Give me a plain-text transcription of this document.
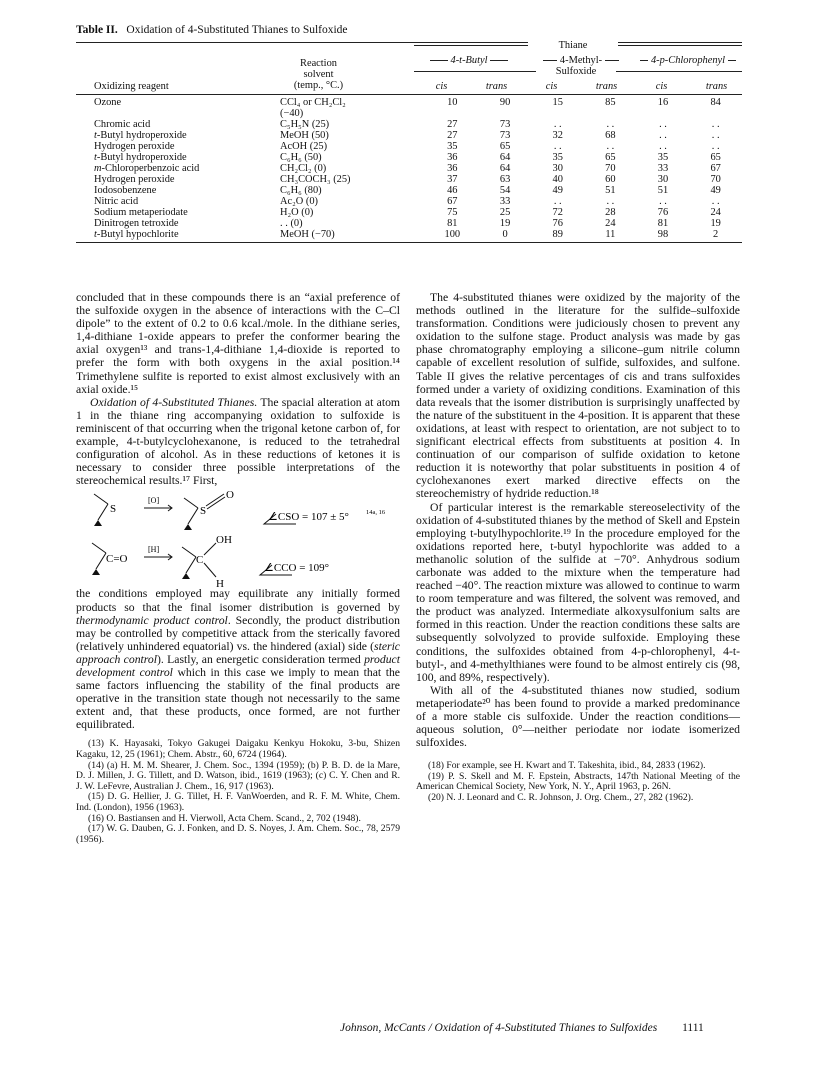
Table II. Oxidation of 4-Substituted Thianes to Sulfoxide
Thiane
4-t-Butyl	4-Methyl-	4-p-Chlorophenyl
Sulfoxide
Reaction
solvent
(temp., °C.)
Oxidizing reagent	cis	trans	cis	trans	cis	trans
Ozone	CCl₄ or CH₂Cl₂	10	90	15	85	16	84
	(−40)						
Chromic acid	C₅H₅N (25)	27	73	. .	. .	. .	. .
t-Butyl hydroperoxide	MeOH (50)	27	73	32	68	. .	. .
Hydrogen peroxide	AcOH (25)	35	65	. .	. .	. .	. .
t-Butyl hydroperoxide	C₆H₆ (50)	36	64	35	65	35	65
m-Chloroperbenzoic acid	CH₂Cl₂ (0)	36	64	30	70	33	67
Hydrogen peroxide	CH₃COCH₃ (25)	37	63	40	60	30	70
Iodosobenzene	C₆H₆ (80)	46	54	49	51	51	49
Nitric acid	Ac₂O (0)	67	33	. .	. .	. .	. .
Sodium metaperiodate	H₂O (0)	75	25	72	28	76	24
Dinitrogen tetroxide	. . (0)	81	19	76	24	81	19
t-Butyl hypochlorite	MeOH (−70)	100	0	89	11	98	2

concluded that in these compounds there is an “axial preference of the sulfoxide oxygen in the absence of interactions with the C–Cl dipole” to the extent of 0.2 to 0.6 kcal./mole. In the dithiane series, 1,4-dithiane 1-oxide appears to prefer the conformer bearing the axial oxygen¹³ and trans-1,4-dithiane 1,4-dioxide is reported to prefer the form with both oxygens in the axial position.¹⁴ Trimethylene sulfite is reported to exist almost exclusively with an axial oxide.¹⁵

Oxidation of 4-Substituted Thianes. The spacial alteration at atom 1 in the thiane ring accompanying oxidation to sulfoxide is reminiscent of that occurring when the trigonal ketone carbon of, for example, 4-t-butylcyclohexanone, is reduced to the tetrahedral configuration of alcohol. As in these reductions of ketones it is necessary to consider three possible interpretations of the stereochemical results.¹⁷ First,

S	S
O
[O]
∠CSO = 107 ± 5°	14a, 16
C=O	C
OH
H
[H]
∠CCO = 109°

the conditions employed may equilibrate any initially formed products so that the final isomer distribution is governed by thermodynamic product control. Secondly, the product distribution may be controlled by competitive attack from the sterically favored (relatively unhindered equatorial) vs. the hindered (axial) side (steric approach control). Lastly, an energetic consideration termed product development control which in this case we imply to mean that the same factors influencing the stability of the final products are operative in the transition state though not necessarily to the same extent and, that these products, once formed, are not further equilibrated.

(13) K. Hayasaki, Tokyo Gakugei Daigaku Kenkyu Hokoku, 3-bu, Shizen Kagaku, 12, 25 (1961); Chem. Abstr., 60, 6724 (1964).

(14) (a) H. M. M. Shearer, J. Chem. Soc., 1394 (1959); (b) P. B. D. de la Mare, D. J. Millen, J. G. Tillett, and D. Watson, ibid., 1619 (1963); (c) C. Y. Chen and R. J. W. LeFevre, Australian J. Chem., 16, 917 (1963).

(15) D. G. Hellier, J. G. Tillet, H. F. VanWoerden, and R. F. M. White, Chem. Ind. (London), 1956 (1963).

(16) O. Bastiansen and H. Vierwoll, Acta Chem. Scand., 2, 702 (1948).

(17) W. G. Dauben, G. J. Fonken, and D. S. Noyes, J. Am. Chem. Soc., 78, 2579 (1956).

The 4-substituted thianes were oxidized by the majority of the methods outlined in the literature for the sulfide–sulfoxide transformation. Conditions were judiciously chosen to prevent any oxidation to the sulfone stage. Product analysis was made by gas phase chromatography employing a silicone–gum nitrile column capable of excellent resolution of sulfide, sulfoxides, and sulfone. Table II gives the relative percentages of cis and trans sulfoxides formed under a variety of oxidizing conditions. Examination of this data reveals that the isomer distribution is surprisingly unaffected by the nature of the substituent in the 4-position. It is apparent that these oxidations, at least with respect to orientation, are not subject to to significant electrical effects from substituents at position 4. In continuation of our comparison of sulfide oxidation to ketone reduction it is noteworthy that polar substituents in position 4 of cyclohexanones exert marked directive effects on the stereochemistry of hydride reduction.¹⁸

Of particular interest is the remarkable stereoselectivity of the oxidation of 4-substituted thianes by the method of Skell and Epstein employing t-butylhypochlorite.¹⁹ In the procedure employed for the oxidations reported here, t-butyl hypochlorite was added to a methanolic solution of the sulfide at −70°. Anhydrous sodium carbonate was added to the mixture when the temperature had reached −40°. The reaction mixture was allowed to continue to warm to room temperature and was filtered, the solvent was removed, and the product was analyzed. Intermediate alkoxysulfonium salts are formed in this reaction. Under the reaction conditions these salts are subsequently solvolyzed to provide sulfoxide. Employing these conditions, the sulfoxides obtained from 4-p-chlorophenyl, 4-t-butyl-, and 4-methylthianes were found to be almost entirely cis (98, 100, and 89%, respectively).

With all of the 4-substituted thianes now studied, sodium metaperiodate²⁰ has been found to provide a marked predominance of a more stable cis sulfoxide. Under the reaction conditions—aqueous solution, 0°—neither periodate nor iodate isomerized sulfoxides.

(18) For example, see H. Kwart and T. Takeshita, ibid., 84, 2833 (1962).

(19) P. S. Skell and M. F. Epstein, Abstracts, 147th National Meeting of the American Chemical Society, New York, N. Y., April 1963, p. 26N.

(20) N. J. Leonard and C. R. Johnson, J. Org. Chem., 27, 282 (1962).

Johnson, McCants / Oxidation of 4-Substituted Thianes to Sulfoxides 1111
